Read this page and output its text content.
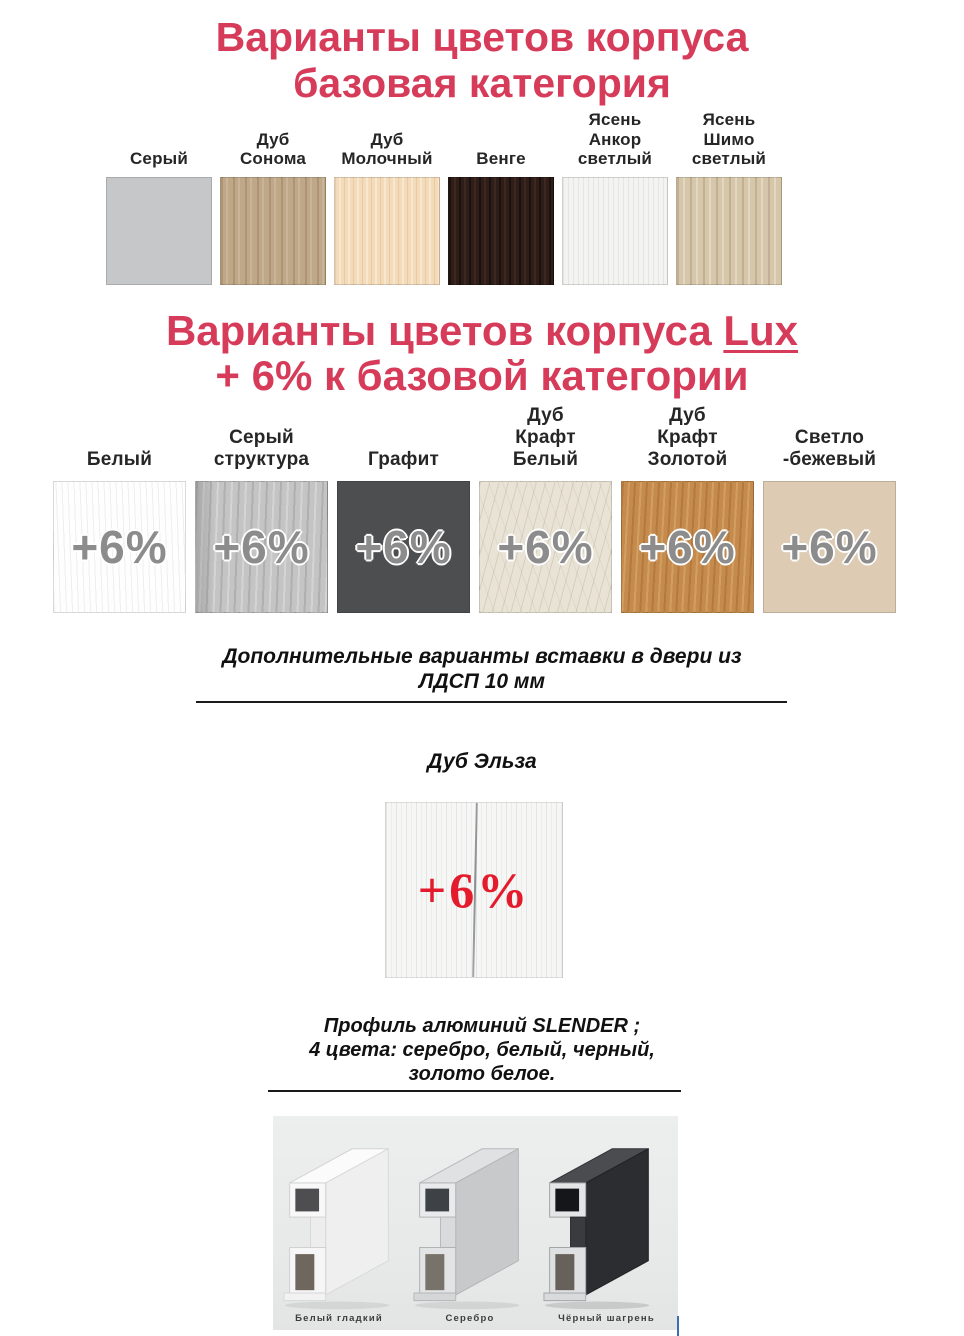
Варианты цветов корпуса
базовая категория
Серый
Дуб
Сонома
Дуб
Молочный	Венге
Ясень
Анкор
светлый
Ясень
Шимо
светлый
Варианты цветов корпуса Lux
+ 6% к базовой категории
Белый
+6%
Серый
структура
+6%
Графит
+6%
Дуб
Крафт
Белый
+6%
Дуб
Крафт
Золотой
+6%
Светло
-бежевый
+6%
Дополнительные варианты вставки в двери из
ЛДСП 10 мм
Дуб Эльза
+6%
Профиль алюминий SLENDER ;
4 цвета: серебро, белый, черный,
золото белое.
Белый гладкий	Серебро	Чёрный шагрень
